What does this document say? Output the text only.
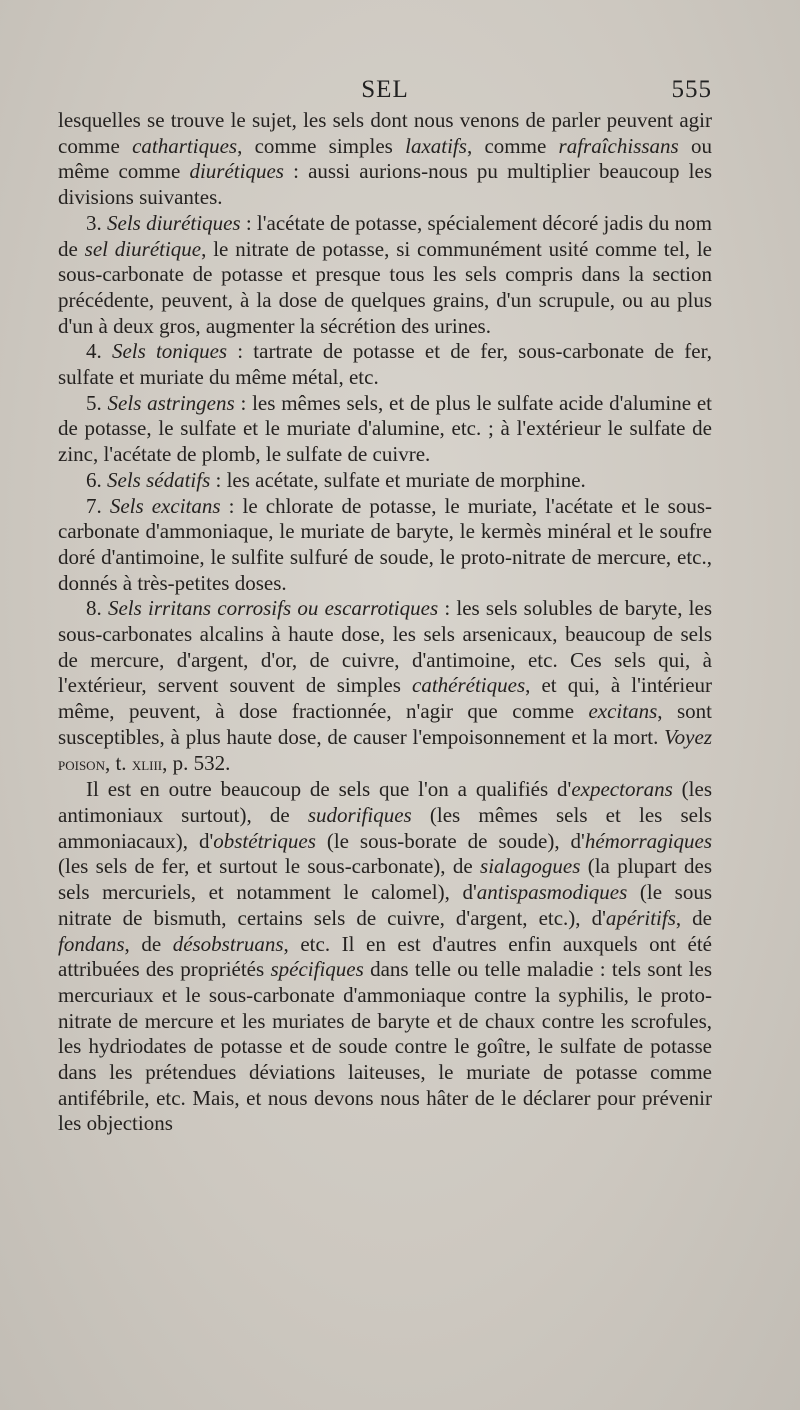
SEL	555

lesquelles se trouve le sujet, les sels dont nous venons de parler peuvent agir comme cathartiques, comme simples laxatifs, comme rafraîchissans ou même comme diurétiques : aussi aurions-nous pu multiplier beaucoup les divisions suivantes.

3. Sels diurétiques : l'acétate de potasse, spécialement décoré jadis du nom de sel diurétique, le nitrate de potasse, si communément usité comme tel, le sous-carbonate de potasse et presque tous les sels compris dans la section précédente, peuvent, à la dose de quelques grains, d'un scrupule, ou au plus d'un à deux gros, augmenter la sécrétion des urines.

4. Sels toniques : tartrate de potasse et de fer, sous-carbonate de fer, sulfate et muriate du même métal, etc.

5. Sels astringens : les mêmes sels, et de plus le sulfate acide d'alumine et de potasse, le sulfate et le muriate d'alumine, etc. ; à l'extérieur le sulfate de zinc, l'acétate de plomb, le sulfate de cuivre.

6. Sels sédatifs : les acétate, sulfate et muriate de morphine.

7. Sels excitans : le chlorate de potasse, le muriate, l'acétate et le sous-carbonate d'ammoniaque, le muriate de baryte, le kermès minéral et le soufre doré d'antimoine, le sulfite sulfuré de soude, le proto-nitrate de mercure, etc., donnés à très-petites doses.

8. Sels irritans corrosifs ou escarrotiques : les sels solubles de baryte, les sous-carbonates alcalins à haute dose, les sels arsenicaux, beaucoup de sels de mercure, d'argent, d'or, de cuivre, d'antimoine, etc. Ces sels qui, à l'extérieur, servent souvent de simples cathérétiques, et qui, à l'intérieur même, peuvent, à dose fractionnée, n'agir que comme excitans, sont susceptibles, à plus haute dose, de causer l'empoisonnement et la mort. Voyez poison, t. xliii, p. 532.

Il est en outre beaucoup de sels que l'on a qualifiés d'expectorans (les antimoniaux surtout), de sudorifiques (les mêmes sels et les sels ammoniacaux), d'obstétriques (le sous-borate de soude), d'hémorragiques (les sels de fer, et surtout le sous-carbonate), de sialagogues (la plupart des sels mercuriels, et notamment le calomel), d'antispasmodiques (le sous nitrate de bismuth, certains sels de cuivre, d'argent, etc.), d'apéritifs, de fondans, de désobstruans, etc. Il en est d'autres enfin auxquels ont été attribuées des propriétés spécifiques dans telle ou telle maladie : tels sont les mercuriaux et le sous-carbonate d'ammoniaque contre la syphilis, le proto-nitrate de mercure et les muriates de baryte et de chaux contre les scrofules, les hydriodates de potasse et de soude contre le goître, le sulfate de potasse dans les prétendues déviations laiteuses, le muriate de potasse comme antifébrile, etc. Mais, et nous devons nous hâter de le déclarer pour prévenir les objections
